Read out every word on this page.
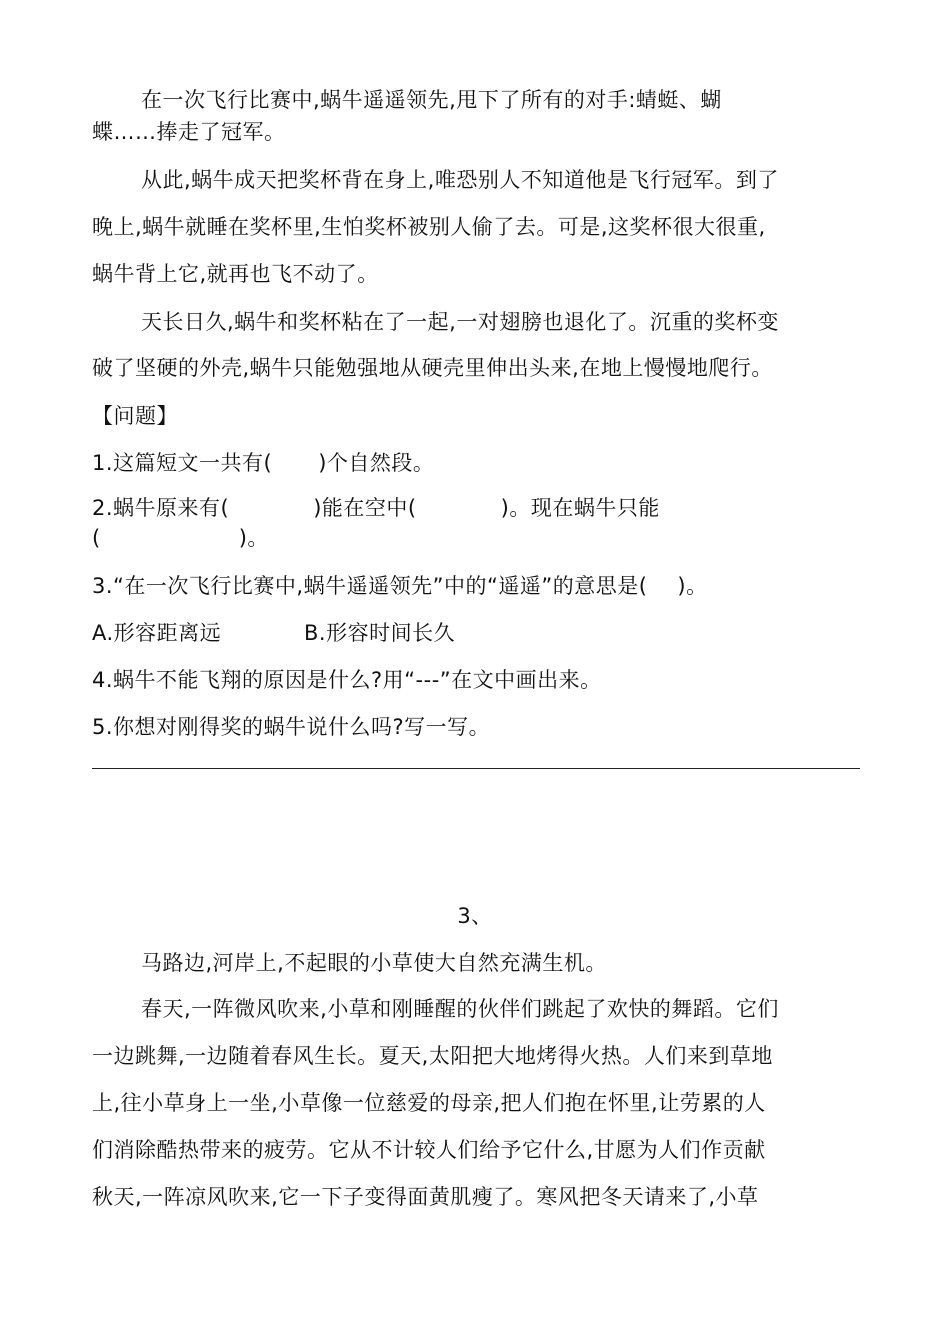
在一次飞行比赛中,蜗牛遥遥领先,甩下了所有的对手:蜻蜓、蝴
蝶……捧走了冠军。
从此,蜗牛成天把奖杯背在身上,唯恐别人不知道他是飞行冠军。到了
晚上,蜗牛就睡在奖杯里,生怕奖杯被别人偷了去。可是,这奖杯很大很重,
蜗牛背上它,就再也飞不动了。
天长日久,蜗牛和奖杯粘在了一起,一对翅膀也退化了。沉重的奖杯变
破了坚硬的外壳,蜗牛只能勉强地从硬壳里伸出头来,在地上慢慢地爬行。
【问题】
1.这篇短文一共有( )个自然段。
2.蜗牛原来有(	)能在空中(	)。现在蜗牛只能
(	)。
3.“在一次飞行比赛中,蜗牛遥遥领先”中的“遥遥”的意思是( )。
A.形容距离远	B.形容时间长久
4.蜗牛不能飞翔的原因是什么?用“---”在文中画出来。
5.你想对刚得奖的蜗牛说什么吗?写一写。
3、
马路边,河岸上,不起眼的小草使大自然充满生机。
春天,一阵微风吹来,小草和刚睡醒的伙伴们跳起了欢快的舞蹈。它们
一边跳舞,一边随着春风生长。夏天,太阳把大地烤得火热。人们来到草地
上,往小草身上一坐,小草像一位慈爱的母亲,把人们抱在怀里,让劳累的人
们消除酷热带来的疲劳。它从不计较人们给予它什么,甘愿为人们作贡献
秋天,一阵凉风吹来,它一下子变得面黄肌瘦了。寒风把冬天请来了,小草
